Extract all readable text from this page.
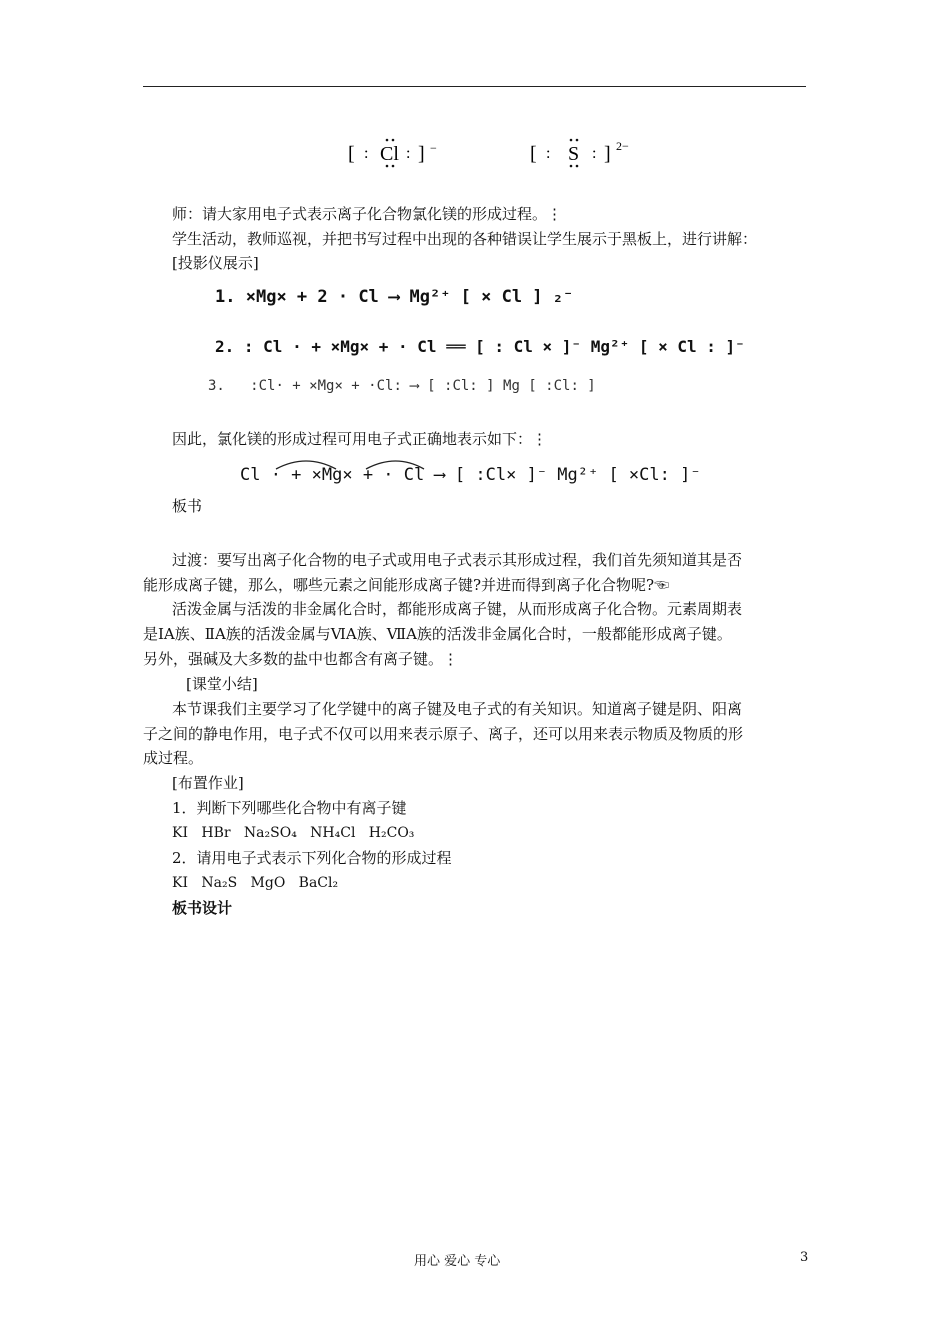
[ : Cl : ] −	[ : S : ] 2−
师：请大家用电子式表示离子化合物氯化镁的形成过程。⋮
学生活动，教师巡视，并把书写过程中出现的各种错误让学生展示于黑板上，进行讲解：
[投影仪展示]
1. ×Mg× + 2 · Cl ⟶ Mg²⁺ [ × Cl ] ₂⁻
2. : Cl · + ×Mg× + · Cl ══ [ : Cl × ]⁻ Mg²⁺ [ × Cl : ]⁻
3. :Cl· + ×Mg× + ·Cl: ⟶ [ :Cl: ] Mg [ :Cl: ]
因此，氯化镁的形成过程可用电子式正确地表示如下：⋮
Cl · + ×Mg× + · Cl ⟶ [ :Cl× ]⁻ Mg²⁺ [ ×Cl: ]⁻
板书
过渡：要写出离子化合物的电子式或用电子式表示其形成过程，我们首先须知道其是否
能形成离子键，那么，哪些元素之间能形成离子键?并进而得到离子化合物呢?☜
活泼金属与活泼的非金属化合时，都能形成离子键，从而形成离子化合物。元素周期表
是ⅠA族、ⅡA族的活泼金属与ⅥA族、ⅦA族的活泼非金属化合时，一般都能形成离子键。
另外，强碱及大多数的盐中也都含有离子键。⋮
[课堂小结]
本节课我们主要学习了化学键中的离子键及电子式的有关知识。知道离子键是阴、阳离
子之间的静电作用，电子式不仅可以用来表示原子、离子，还可以用来表示物质及物质的形
成过程。
[布置作业]
1．判断下列哪些化合物中有离子键
KI HBr Na₂SO₄ NH₄Cl H₂CO₃
2．请用电子式表示下列化合物的形成过程
KI Na₂S MgO BaCl₂
板书设计
用心 爱心 专心	3
